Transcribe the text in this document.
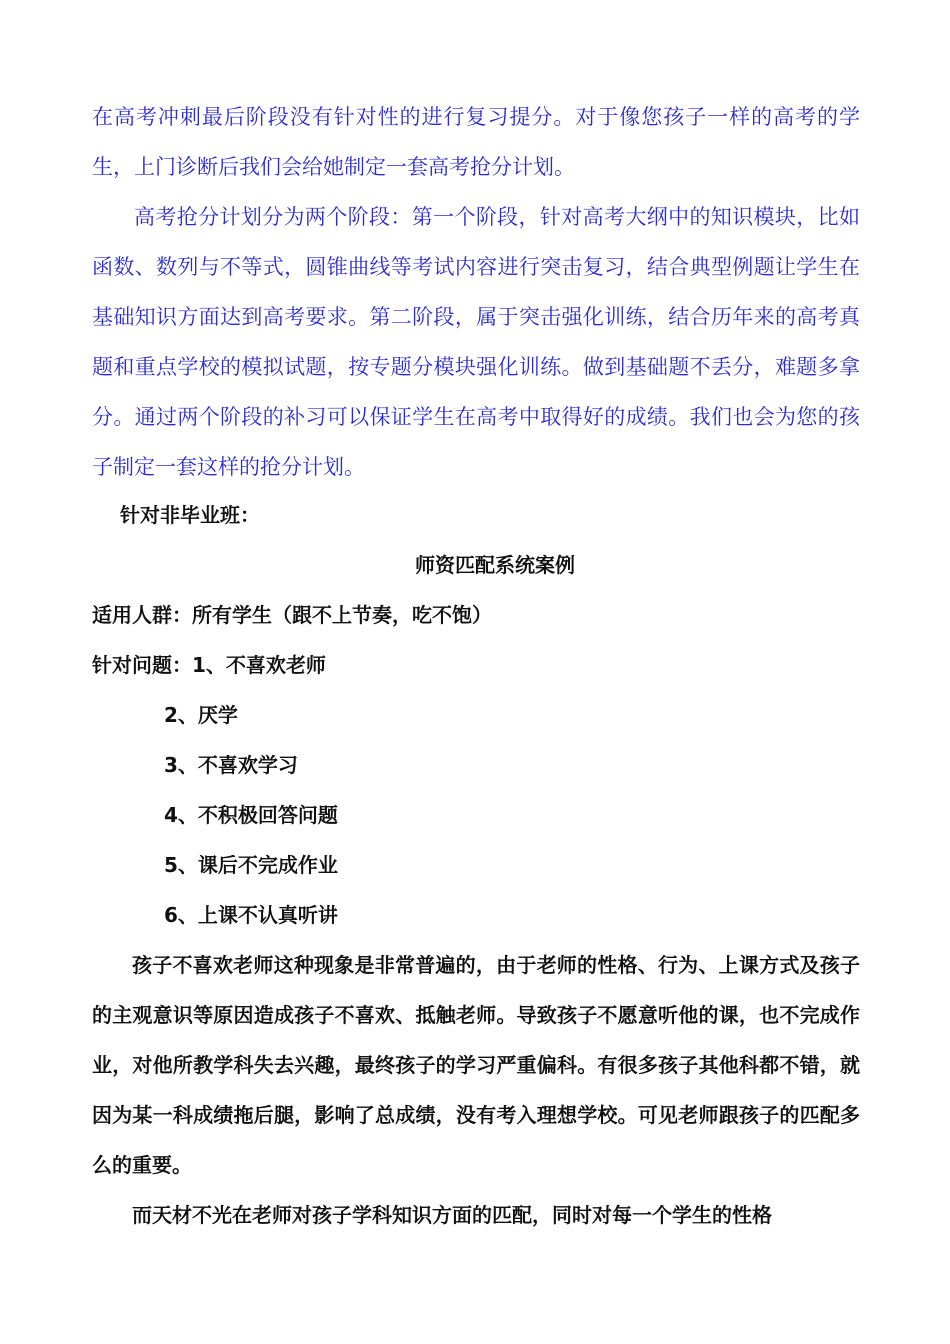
在高考冲刺最后阶段没有针对性的进行复习提分。对于像您孩子一样的高考的学生，上门诊断后我们会给她制定一套高考抢分计划。

高考抢分计划分为两个阶段：第一个阶段，针对高考大纲中的知识模块，比如函数、数列与不等式，圆锥曲线等考试内容进行突击复习，结合典型例题让学生在基础知识方面达到高考要求。第二阶段，属于突击强化训练，结合历年来的高考真题和重点学校的模拟试题，按专题分模块强化训练。做到基础题不丢分，难题多拿分。通过两个阶段的补习可以保证学生在高考中取得好的成绩。我们也会为您的孩子制定一套这样的抢分计划。

针对非毕业班：
师资匹配系统案例
适用人群：所有学生（跟不上节奏，吃不饱）
针对问题：1、不喜欢老师
2、厌学
3、不喜欢学习
4、不积极回答问题
5、课后不完成作业
6、上课不认真听讲

孩子不喜欢老师这种现象是非常普遍的，由于老师的性格、行为、上课方式及孩子的主观意识等原因造成孩子不喜欢、抵触老师。导致孩子不愿意听他的课，也不完成作业，对他所教学科失去兴趣，最终孩子的学习严重偏科。有很多孩子其他科都不错，就因为某一科成绩拖后腿，影响了总成绩，没有考入理想学校。可见老师跟孩子的匹配多么的重要。

而天材不光在老师对孩子学科知识方面的匹配，同时对每一个学生的性格
